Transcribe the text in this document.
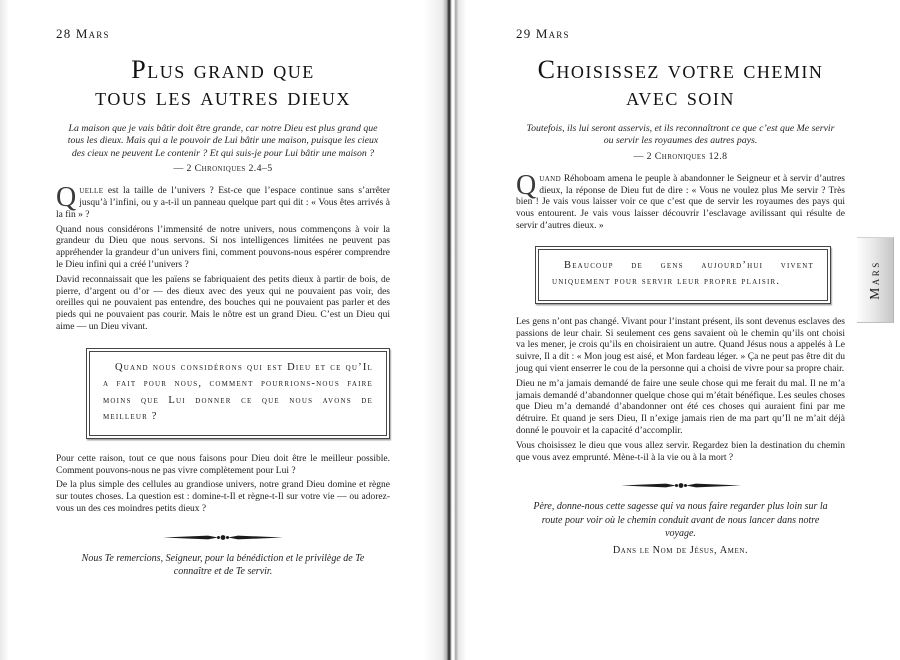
28 Mars
Plus grand que
tous les autres dieux

La maison que je vais bâtir doit être grande, car notre Dieu est plus grand que tous les dieux. Mais qui a le pouvoir de Lui bâtir une maison, puisque les cieux des cieux ne peuvent Le contenir ? Et qui suis-je pour Lui bâtir une maison ?

— 2 Chroniques 2.4–5

Quelle est la taille de l’univers ? Est-ce que l’espace continue sans s’arrêter jusqu’à l’infini, ou y a-t-il un panneau quelque part qui dit : « Vous êtes arrivés à la fin » ?

Quand nous considérons l’immensité de notre univers, nous commençons à voir la grandeur du Dieu que nous servons. Si nos intelligences limitées ne peuvent pas appréhender la grandeur d’un univers fini, comment pouvons-nous espérer comprendre le Dieu infini qui a créé l’univers ?

David reconnaissait que les païens se fabriquaient des petits dieux à partir de bois, de pierre, d’argent ou d’or — des dieux avec des yeux qui ne pouvaient pas voir, des oreilles qui ne pouvaient pas entendre, des bouches qui ne pouvaient pas parler et des pieds qui ne pouvaient pas courir. Mais le nôtre est un grand Dieu. C’est un Dieu qui aime — un Dieu vivant.

Quand nous considérons qui est Dieu et ce qu’Il a fait pour nous, comment pourrions-nous faire moins que Lui donner ce que nous avons de meilleur ?

Pour cette raison, tout ce que nous faisons pour Dieu doit être le meilleur possible. Comment pouvons-nous ne pas vivre complètement pour Lui ?

De la plus simple des cellules au grandiose univers, notre grand Dieu domine et règne sur toutes choses. La question est : domine-t-Il et règne-t-Il sur votre vie — ou adorez-vous un des ces moindres petits dieux ?

Nous Te remercions, Seigneur, pour la bénédiction et le privilège de Te connaître et de Te servir.

29 Mars
Choisissez votre chemin
avec soin

Toutefois, ils lui seront asservis, et ils reconnaîtront ce que c’est que Me servir ou servir les royaumes des autres pays.

— 2 Chroniques 12.8

Quand Réhoboam amena le peuple à abandonner le Seigneur et à servir d’autres dieux, la réponse de Dieu fut de dire : « Vous ne voulez plus Me servir ? Très bien ! Je vais vous laisser voir ce que c’est que de servir les royaumes des pays qui vous entourent. Je vais vous laisser découvrir l’esclavage avilissant qui résulte de servir d’autres dieux. »

Beaucoup de gens aujourd’hui vivent uniquement pour servir leur propre plaisir.

Les gens n’ont pas changé. Vivant pour l’instant présent, ils sont devenus esclaves des passions de leur chair. Si seulement ces gens savaient où le chemin qu’ils ont choisi va les mener, je crois qu’ils en choisiraient un autre. Quand Jésus nous a appelés à Le suivre, Il a dit : « Mon joug est aisé, et Mon fardeau léger. » Ça ne peut pas être dit du joug qui vient enserrer le cou de la personne qui a choisi de vivre pour sa propre chair.

Dieu ne m’a jamais demandé de faire une seule chose qui me ferait du mal. Il ne m’a jamais demandé d’abandonner quelque chose qui m’était bénéfique. Les seules choses que Dieu m’a demandé d’abandonner ont été ces choses qui auraient fini par me détruire. Et quand je sers Dieu, Il n’exige jamais rien de ma part qu’Il ne m’ait déjà donné le pouvoir et la capacité d’accomplir.

Vous choisissez le dieu que vous allez servir. Regardez bien la destination du chemin que vous avez emprunté. Mène-t-il à la vie ou à la mort ?

Père, donne-nous cette sagesse qui va nous faire regarder plus loin sur la route pour voir où le chemin conduit avant de nous lancer dans notre voyage.

Dans le Nom de Jésus, Amen.

Mars
